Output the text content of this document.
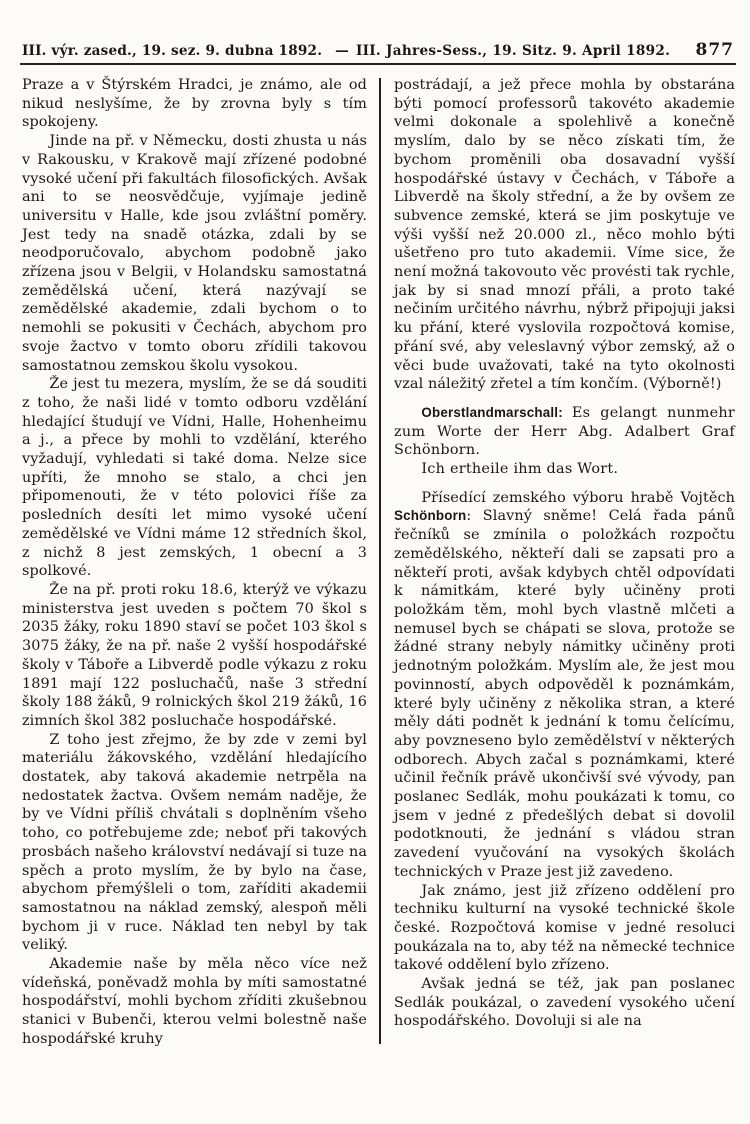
III. výr. zased., 19. sez. 9. dubna 1892. — III. Jahres-Sess., 19. Sitz. 9. April 1892. 877

Praze a v Štýrském Hradci, je známo, ale od nikud neslyšíme, že by zrovna byly s tím spokojeny.

Jinde na př. v Německu, dosti zhusta u nás v Rakousku, v Krakově mají zřízené podobné vysoké učení při fakultách filosofických. Avšak ani to se neosvědčuje, vyjímaje jedině universitu v Halle, kde jsou zvláštní poměry. Jest tedy na snadě otázka, zdali by se neodporučovalo, abychom podobně jako zřízena jsou v Belgii, v Holandsku samostatná zemědělská učení, která nazývají se zemědělské akademie, zdali bychom o to nemohli se pokusiti v Čechách, abychom pro svoje žactvo v tomto oboru zřídili takovou samostatnou zemskou školu vysokou.

Že jest tu mezera, myslím, že se dá souditi z toho, že naši lidé v tomto odboru vzdělání hledající študují ve Vídni, Halle, Hohenheimu a j., a přece by mohli to vzdělání, kterého vyžadují, vyhledati si také doma. Nelze sice upříti, že mnoho se stalo, a chci jen připomenouti, že v této polovici říše za posledních desíti let mimo vysoké učení zemědělské ve Vídni máme 12 středních škol, z nichž 8 jest zemských, 1 obecní a 3 spolkové.

Že na př. proti roku 18.6, kterýž ve výkazu ministerstva jest uveden s počtem 70 škol s 2035 žáky, roku 1890 staví se počet 103 škol s 3075 žáky, že na př. naše 2 vyšší hospodářské školy v Táboře a Libverdě podle výkazu z roku 1891 mají 122 posluchačů, naše 3 střední školy 188 žáků, 9 rolnických škol 219 žáků, 16 zimních škol 382 posluchače hospodářské.

Z toho jest zřejmo, že by zde v zemi byl materiálu žákovského, vzdělání hledajícího dostatek, aby taková akademie netrpěla na nedostatek žactva. Ovšem nemám naděje, že by ve Vídni příliš chvátali s doplněním všeho toho, co potřebujeme zde; neboť při takových prosbách našeho království nedávají si tuze na spěch a proto myslím, že by bylo na čase, abychom přemýšleli o tom, zaříditi akademii samostatnou na náklad zemský, alespoň měli bychom ji v ruce. Náklad ten nebyl by tak veliký.

Akademie naše by měla něco více než vídeňská, poněvadž mohla by míti samostatné hospodářství, mohli bychom zříditi zkušebnou stanici v Bubenči, kterou velmi bolestně naše hospodářské kruhy

postrádají, a jež přece mohla by obstarána býti pomocí professorů takovéto akademie velmi dokonale a spolehlivě a konečně myslím, dalo by se něco získati tím, že bychom proměnili oba dosavadní vyšší hospodářské ústavy v Čechách, v Táboře a Libverdě na školy střední, a že by ovšem ze subvence zemské, která se jim poskytuje ve výši vyšší než 20.000 zl., něco mohlo býti ušetřeno pro tuto akademii. Víme sice, že není možná takovouto věc provésti tak rychle, jak by si snad mnozí přáli, a proto také nečiním určitého návrhu, nýbrž připojuji jaksi ku přání, které vyslovila rozpočtová komise, přání své, aby veleslavný výbor zemský, až o věci bude uvažovati, také na tyto okolnosti vzal náležitý zřetel a tím končím. (Výborně!)

Oberstlandmarschall: Es gelangt nunmehr zum Worte der Herr Abg. Adalbert Graf Schönborn.

Ich ertheile ihm das Wort.

Přísedící zemského výboru hrabě Vojtěch Schönborn: Slavný sněme! Celá řada pánů řečníků se zmínila o položkách rozpočtu zemědělského, někteří dali se zapsati pro a někteří proti, avšak kdybych chtěl odpovídati k námitkám, které byly učiněny proti položkám těm, mohl bych vlastně mlčeti a nemusel bych se chápati se slova, protože se žádné strany nebyly námitky učiněny proti jednotným položkám. Myslím ale, že jest mou povinností, abych odpověděl k poznámkám, které byly učiněny z několika stran, a které měly dáti podnět k jednání k tomu čelícímu, aby povzneseno bylo zemědělství v některých odborech. Abych začal s poznámkami, které učinil řečník právě ukončivší své vývody, pan poslanec Sedlák, mohu poukázati k tomu, co jsem v jedné z předešlých debat si dovolil podotknouti, že jednání s vládou stran zavedení vyučování na vysokých školách technických v Praze jest již zavedeno.

Jak známo, jest již zřízeno oddělení pro techniku kulturní na vysoké technické škole české. Rozpočtová komise v jedné resoluci poukázala na to, aby též na německé technice takové oddělení bylo zřízeno.

Avšak jedná se též, jak pan poslanec Sedlák poukázal, o zavedení vysokého učení hospodářského. Dovoluji si ale na
